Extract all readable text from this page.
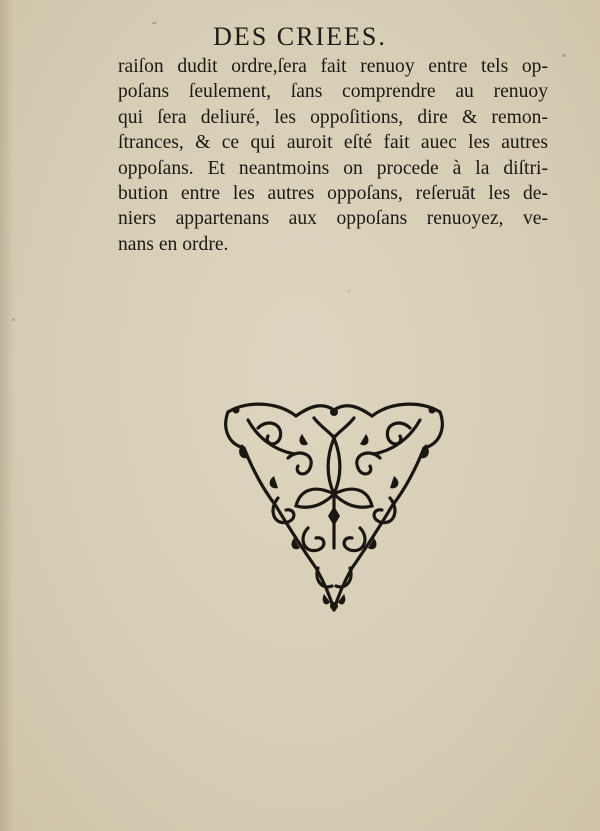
DES CRIEES.
raiſon dudit ordre,ſera fait renuoy entre tels op-
poſans ſeulement, ſans comprendre au renuoy
qui ſera deliuré, les oppoſitions, dire & remon-
ſtrances, & ce qui auroit eſté fait auec les autres
oppoſans. Et neantmoins on procede à la diſtri-
bution entre les autres oppoſans, reſeruāt les de-
niers appartenans aux oppoſans renuoyez, ve-
nans en ordre.
